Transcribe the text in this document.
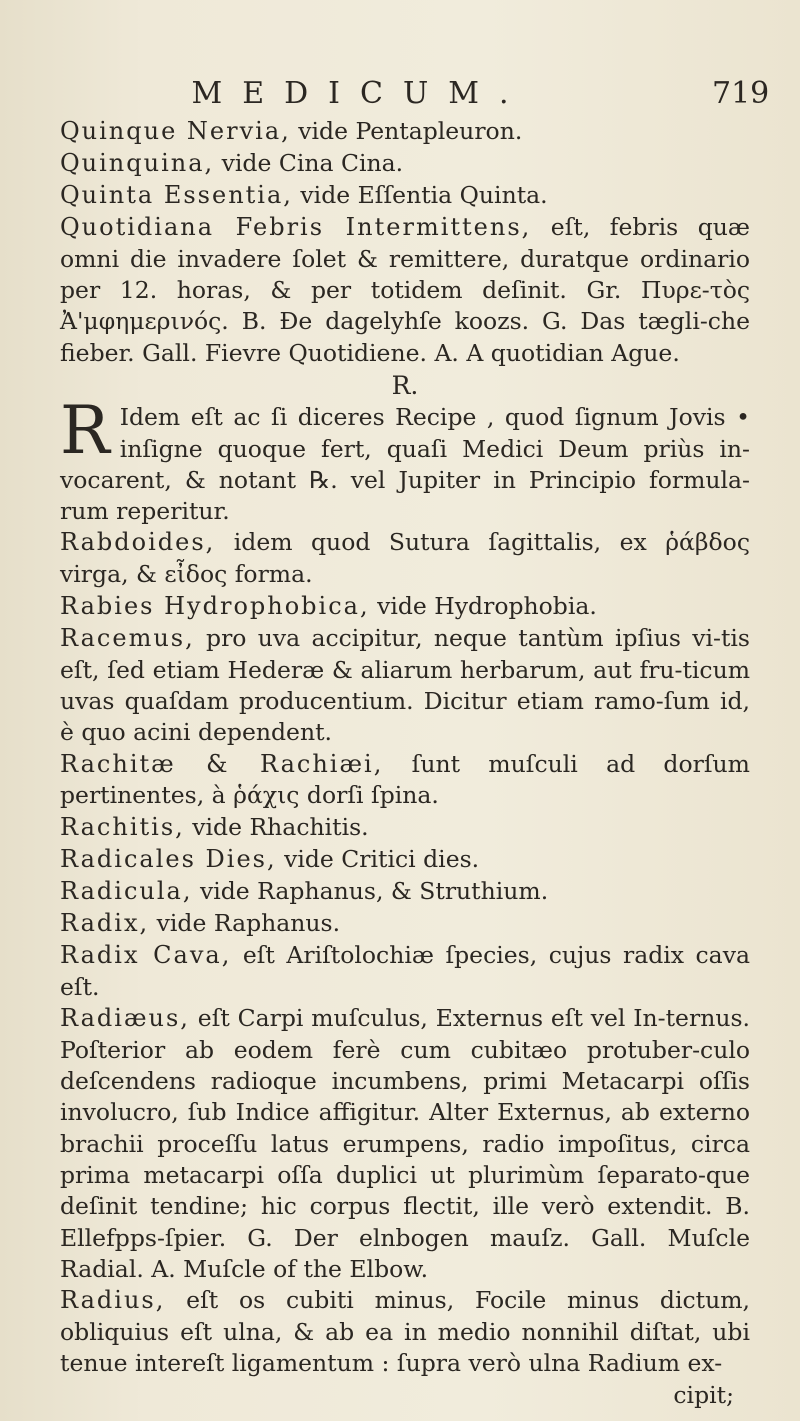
MEDICUM.	719

Quinque Nervia, vide Pentapleuron.

Quinquina, vide Cina Cina.

Quinta Essentia, vide Eſſentia Quinta.

Quotidiana Febris Intermittens, eſt, febris quæ omni die invadere ſolet & remittere, duratque ordinario per 12. horas, & per totidem deſinit. Gr. Πυρε-τὸς Ἀ'μφημερινός. B. Ðe dagelyhſe koozs. G. Das tægli-che fieber. Gall. Fievre Quotidiene. A. A quotidian Ague.

R.

R Idem eſt ac ſi diceres Recipe , quod ſignum Jovis • inſigne quoque fert, quaſi Medici Deum priùs in-vocarent, & notant ℞. vel Jupiter in Principio formula-rum reperitur.

Rabdoides, idem quod Sutura ſagittalis, ex ῥάβδος virga, & εἶδος forma.

Rabies Hydrophobica, vide Hydrophobia.

Racemus, pro uva accipitur, neque tantùm ipſius vi-tis eſt, ſed etiam Hederæ & aliarum herbarum, aut fru-ticum uvas quaſdam producentium. Dicitur etiam ramo-ſum id, è quo acini dependent.

Rachitæ & Rachiæi, ſunt muſculi ad dorſum pertinentes, à ῥάχις dorſi ſpina.

Rachitis, vide Rhachitis.

Radicales Dies, vide Critici dies.

Radicula, vide Raphanus, & Struthium.

Radix, vide Raphanus.

Radix Cava, eſt Ariſtolochiæ ſpecies, cujus radix cava eſt.

Radiæus, eſt Carpi muſculus, Externus eſt vel In-ternus. Poſterior ab eodem ferè cum cubitæo protuber-culo deſcendens radioque incumbens, primi Metacarpi oſſis involucro, ſub Indice affigitur. Alter Externus, ab externo brachii proceſſu latus erumpens, radio impoſitus, circa prima metacarpi oſſa duplici ut plurimùm ſeparato-que deſinit tendine; hic corpus flectit, ille verò extendit. B. Ellefpps-ſpier. G. Der elnbogen mauſz. Gall. Muſcle Radial. A. Muſcle of the Elbow.

Radius, eſt os cubiti minus, Focile minus dictum, obliquius eſt ulna, & ab ea in medio nonnihil diſtat, ubi tenue intereſt ligamentum : ſupra verò ulna Radium ex-

cipit;
